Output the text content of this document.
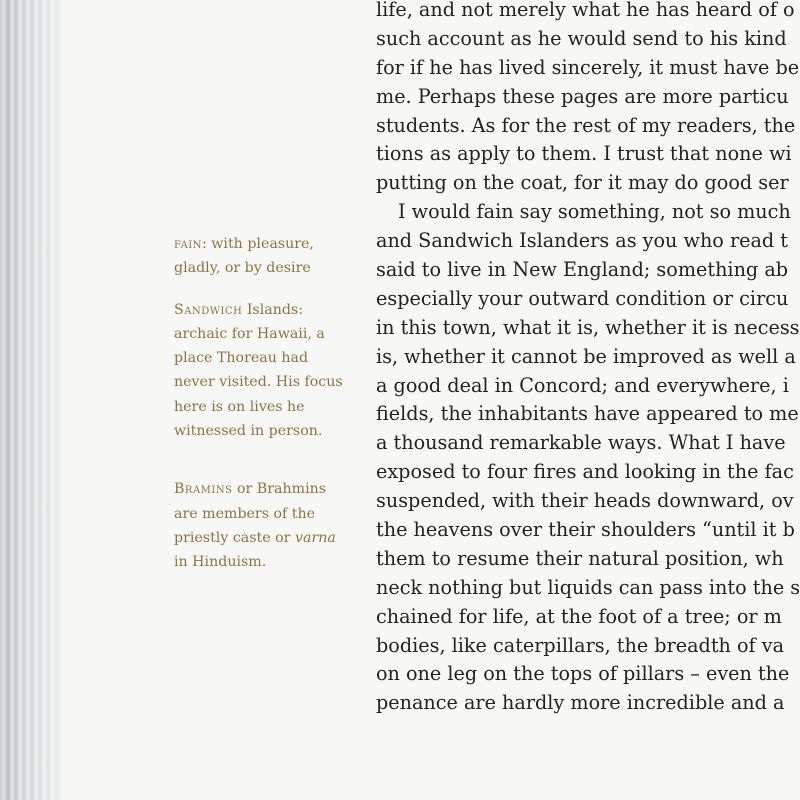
fain: with pleasure, gladly, or by desire

Sandwich Islands: archaic for Hawaii, a place Thoreau had never visited. His focus here is on lives he witnessed in person.

Bramins or Brahmins are members of the priestly caste or varna in Hinduism.

life, and not merely what he has heard of o
such account as he would send to his kind
for if he has lived sincerely, it must have be
me. Perhaps these pages are more particu
students. As for the rest of my readers, the
tions as apply to them. I trust that none wi
putting on the coat, for it may do good ser
I would fain say something, not so much
and Sandwich Islanders as you who read t
said to live in New England; something ab
especially your outward condition or circu
in this town, what it is, whether it is necess
is, whether it cannot be improved as well a
a good deal in Concord; and everywhere, i
fields, the inhabitants have appeared to me
a thousand remarkable ways. What I have
exposed to four fires and looking in the fac
suspended, with their heads downward, ov
the heavens over their shoulders “until it b
them to resume their natural position, wh
neck nothing but liquids can pass into the s
chained for life, at the foot of a tree; or m
bodies, like caterpillars, the breadth of va
on one leg on the tops of pillars – even the
penance are hardly more incredible and a
